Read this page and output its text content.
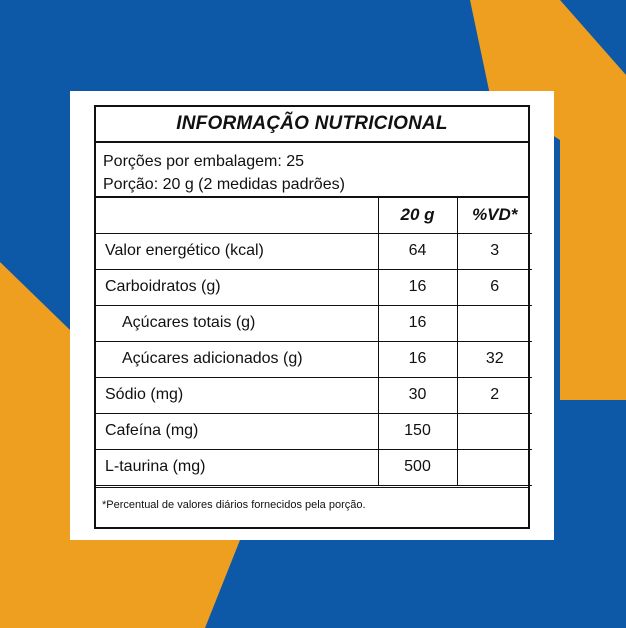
INFORMAÇÃO NUTRICIONAL
Porções por embalagem: 25
Porção: 20 g (2 medidas padrões)
	20 g	%VD*
Valor energético (kcal)	64	3
Carboidratos (g)	16	6
Açúcares totais (g)	16	
Açúcares adicionados (g)	16	32
Sódio (mg)	30	2
Cafeína (mg)	150	
L-taurina (mg)	500	
*Percentual de valores diários fornecidos pela porção.
